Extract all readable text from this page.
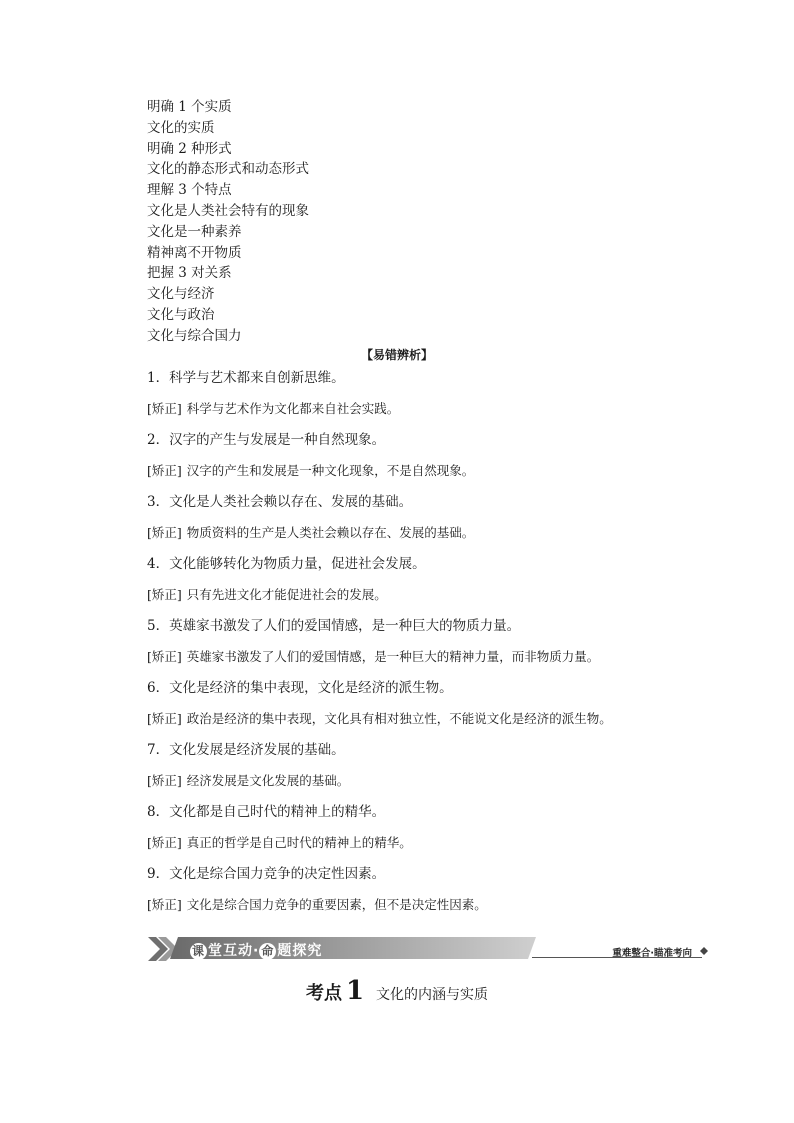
明确 1 个实质
文化的实质
明确 2 种形式
文化的静态形式和动态形式
理解 3 个特点
文化是人类社会特有的现象
文化是一种素养
精神离不开物质
把握 3 对关系
文化与经济
文化与政治
文化与综合国力
【易错辨析】
1．科学与艺术都来自创新思维。
[矫正] 科学与艺术作为文化都来自社会实践。
2．汉字的产生与发展是一种自然现象。
[矫正] 汉字的产生和发展是一种文化现象，不是自然现象。
3．文化是人类社会赖以存在、发展的基础。
[矫正] 物质资料的生产是人类社会赖以存在、发展的基础。
4．文化能够转化为物质力量，促进社会发展。
[矫正] 只有先进文化才能促进社会的发展。
5．英雄家书激发了人们的爱国情感，是一种巨大的物质力量。
[矫正] 英雄家书激发了人们的爱国情感，是一种巨大的精神力量，而非物质力量。
6．文化是经济的集中表现，文化是经济的派生物。
[矫正] 政治是经济的集中表现，文化具有相对独立性，不能说文化是经济的派生物。
7．文化发展是经济发展的基础。
[矫正] 经济发展是文化发展的基础。
8．文化都是自己时代的精神上的精华。
[矫正] 真正的哲学是自己时代的精神上的精华。
9．文化是综合国力竞争的决定性因素。
[矫正] 文化是综合国力竞争的重要因素，但不是决定性因素。
课 堂互动· 命 题探究	重难整合·瞄准考向
考点 1 文化的内涵与实质
